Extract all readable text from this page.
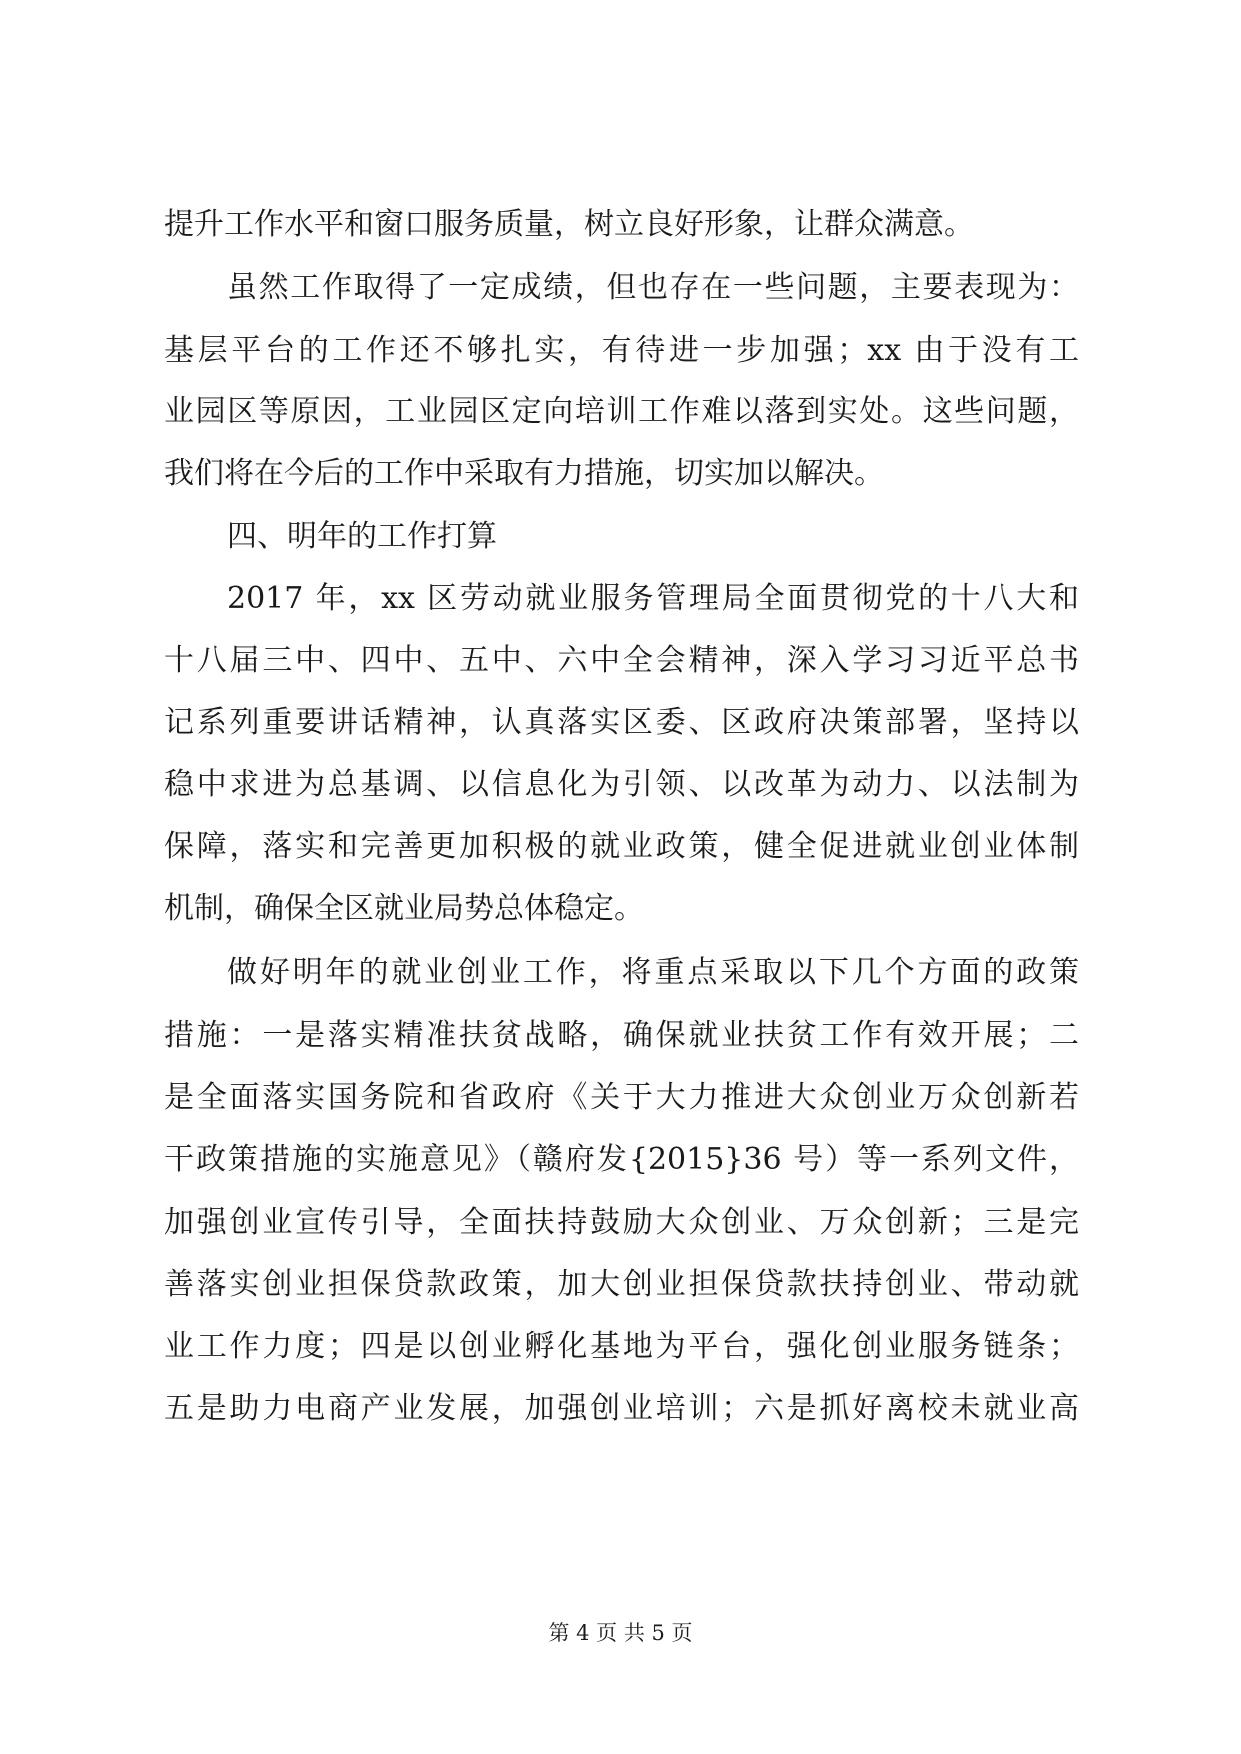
提升工作水平和窗口服务质量，树立良好形象，让群众满意。
虽然工作取得了一定成绩，但也存在一些问题，主要表现为：
基层平台的工作还不够扎实，有待进一步加强；xx 由于没有工
业园区等原因，工业园区定向培训工作难以落到实处。这些问题，
我们将在今后的工作中采取有力措施，切实加以解决。
四、明年的工作打算
2017 年，xx 区劳动就业服务管理局全面贯彻党的十八大和
十八届三中、四中、五中、六中全会精神，深入学习习近平总书
记系列重要讲话精神，认真落实区委、区政府决策部署，坚持以
稳中求进为总基调、以信息化为引领、以改革为动力、以法制为
保障，落实和完善更加积极的就业政策，健全促进就业创业体制
机制，确保全区就业局势总体稳定。
做好明年的就业创业工作，将重点采取以下几个方面的政策
措施：一是落实精准扶贫战略，确保就业扶贫工作有效开展；二
是全面落实国务院和省政府《关于大力推进大众创业万众创新若
干政策措施的实施意见》（赣府发{2015}36 号）等一系列文件，
加强创业宣传引导，全面扶持鼓励大众创业、万众创新；三是完
善落实创业担保贷款政策，加大创业担保贷款扶持创业、带动就
业工作力度；四是以创业孵化基地为平台，强化创业服务链条；
五是助力电商产业发展，加强创业培训；六是抓好离校未就业高
第 4 页 共 5 页
